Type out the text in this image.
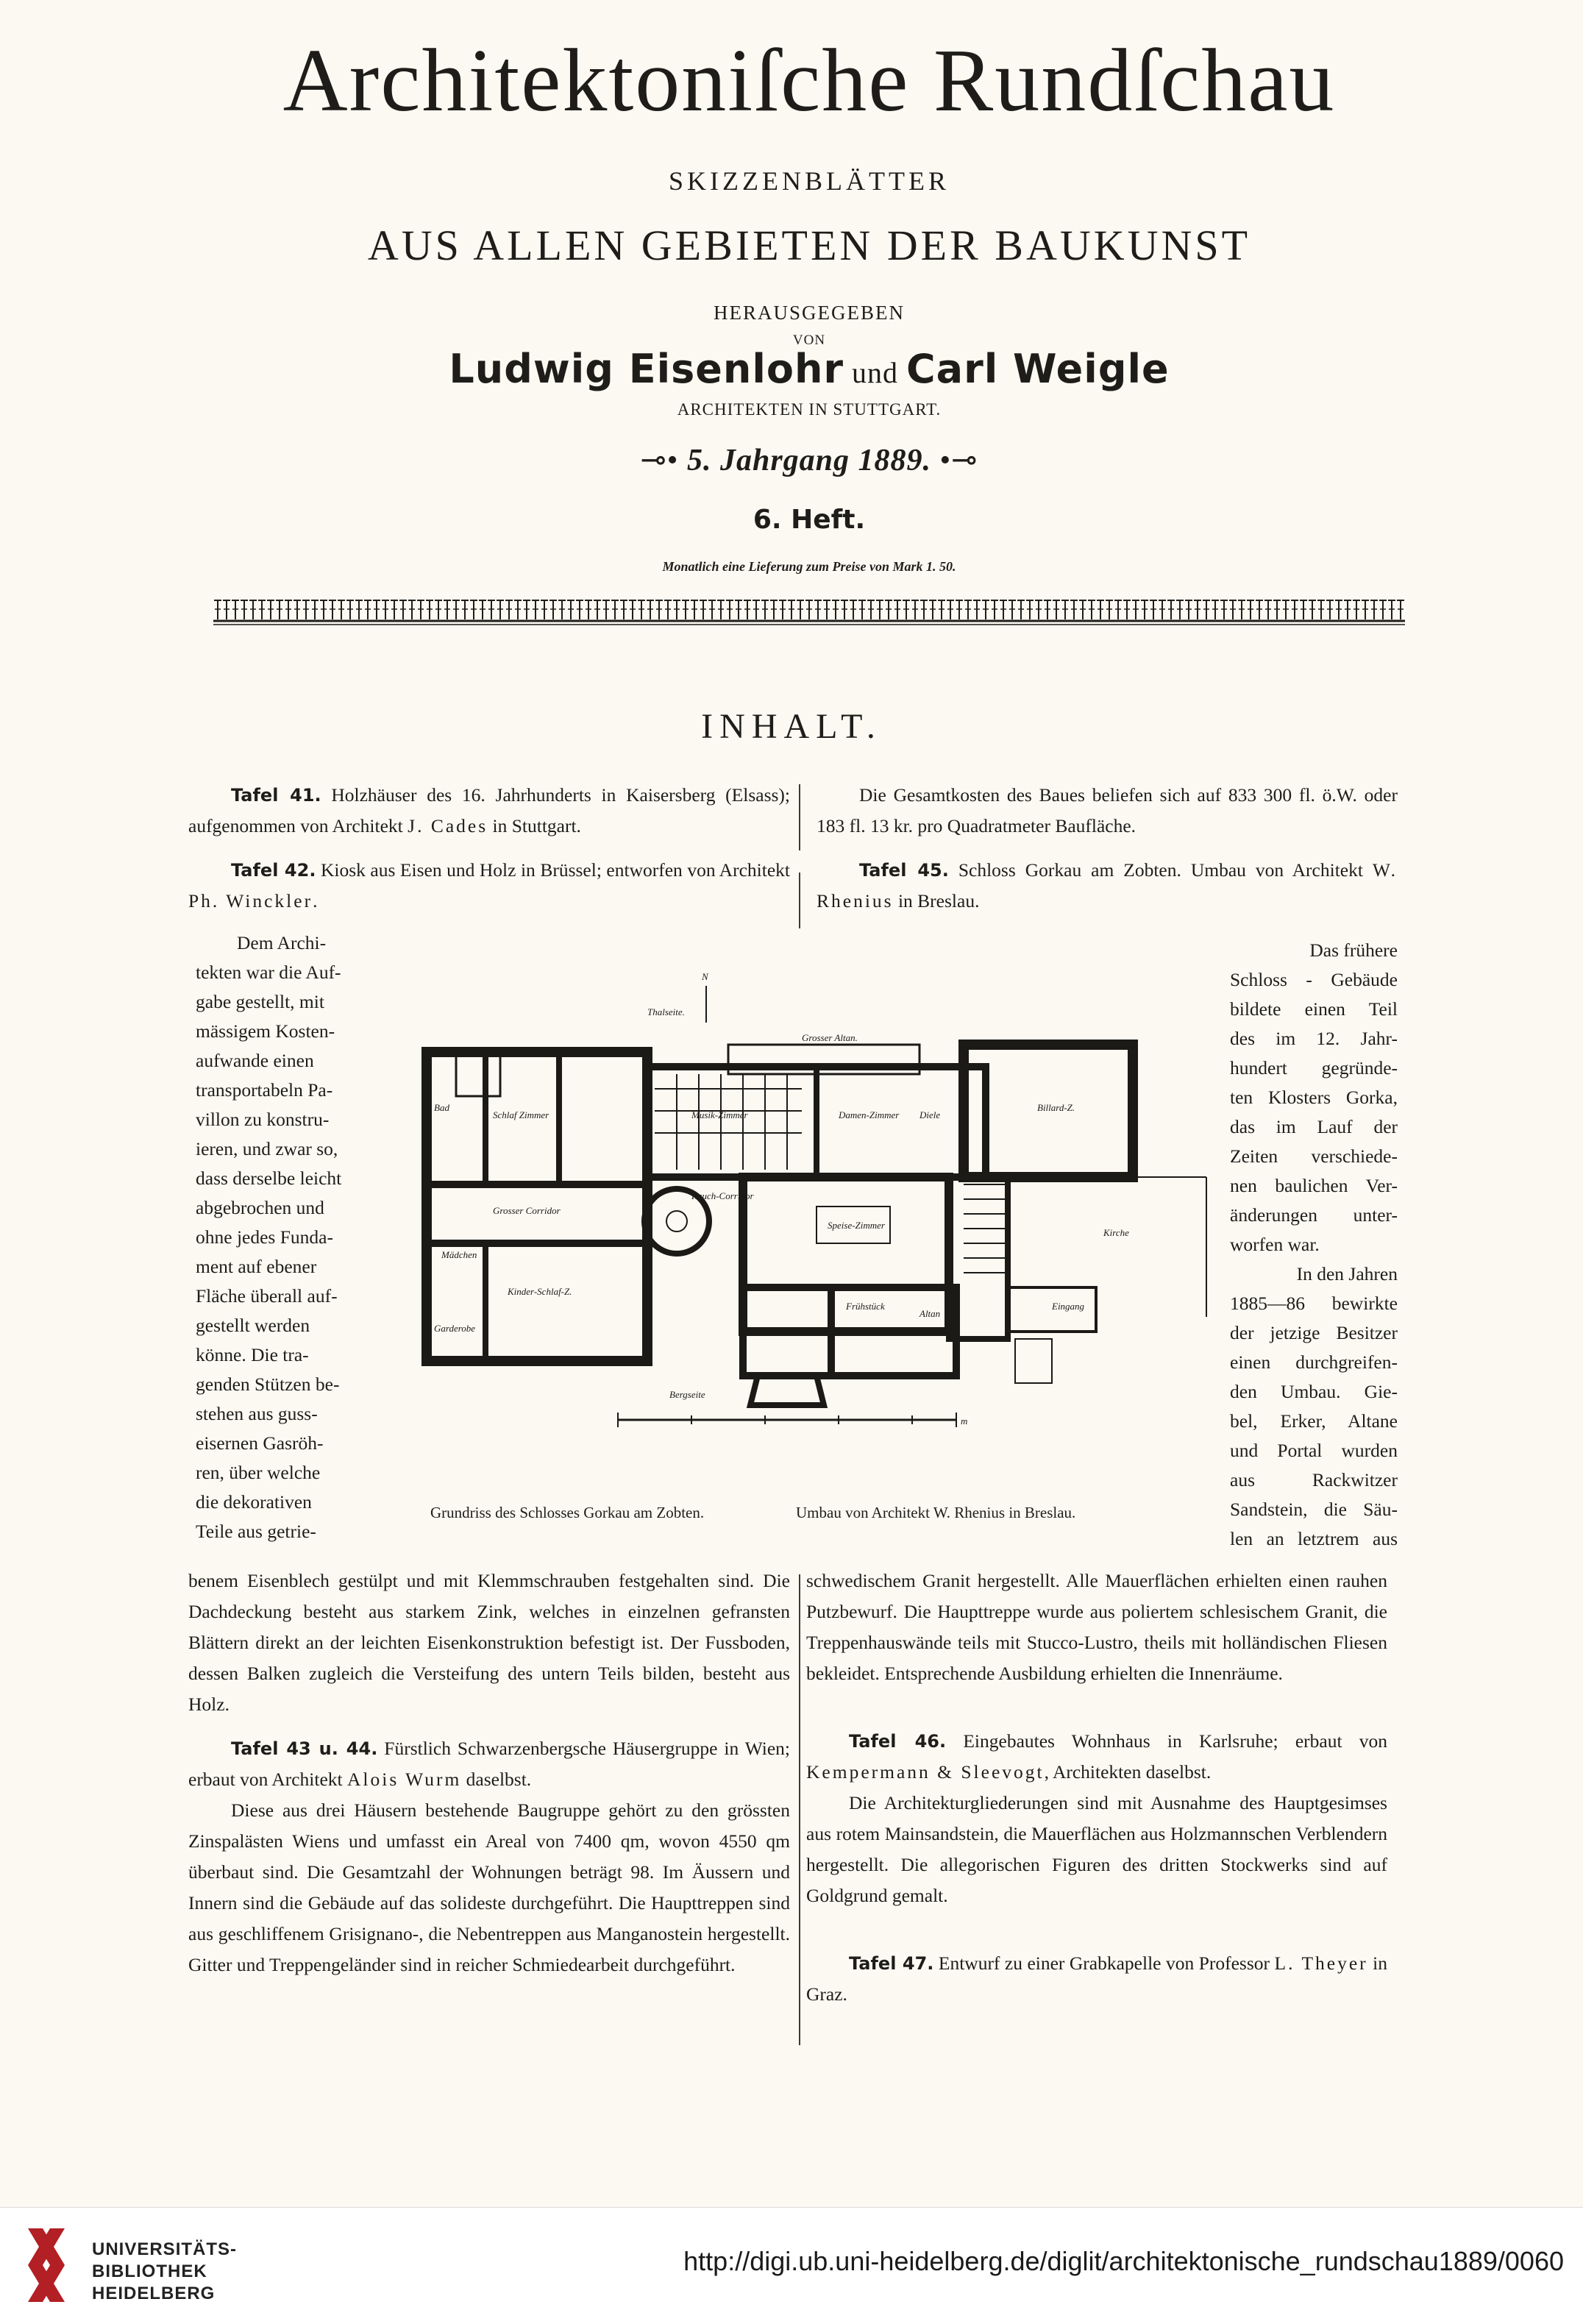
Architektoniſche Rundſchau
SKIZZENBLÄTTER
AUS ALLEN GEBIETEN DER BAUKUNST
HERAUSGEGEBEN
VON
Ludwig Eisenlohr und Carl Weigle
ARCHITEKTEN IN STUTTGART.
⊸• 5. Jahrgang 1889. •⊸
6. Heft.
Monatlich eine Lieferung zum Preise von Mark 1. 50.
INHALT.

Tafel 41. Holzhäuser des 16. Jahrhunderts in Kaisersberg (Elsass); aufgenommen von Architekt J. Cades in Stuttgart.

Tafel 42. Kiosk aus Eisen und Holz in Brüssel; entworfen von Architekt Ph. Winckler.

Dem Archi-
tekten war die Auf-
gabe gestellt, mit
mässigem Kosten-
aufwande einen
transportabeln Pa-
villon zu konstru-
ieren, und zwar so,
dass derselbe leicht
abgebrochen und
ohne jedes Funda-
ment auf ebener
Fläche überall auf-
gestellt werden
könne. Die tra-
genden Stützen be-
stehen aus guss-
eisernen Gasröh-
ren, über welche
die dekorativen
Teile aus getrie-

benem Eisenblech gestülpt und mit Klemmschrauben festgehalten sind. Die Dachdeckung besteht aus starkem Zink, welches in einzelnen gefransten Blättern direkt an der leichten Eisenkonstruktion befestigt ist. Der Fussboden, dessen Balken zugleich die Versteifung des untern Teils bilden, besteht aus Holz.

Tafel 43 u. 44. Fürstlich Schwarzenbergsche Häusergruppe in Wien; erbaut von Architekt Alois Wurm daselbst.

Diese aus drei Häusern bestehende Baugruppe gehört zu den grössten Zinspalästen Wiens und umfasst ein Areal von 7400 qm, wovon 4550 qm überbaut sind. Die Gesamtzahl der Wohnungen beträgt 98. Im Äussern und Innern sind die Gebäude auf das solideste durchgeführt. Die Haupttreppen sind aus geschliffenem Grisignano-, die Nebentreppen aus Manganostein hergestellt. Gitter und Treppengeländer sind in reicher Schmiedearbeit durchgeführt.

Die Gesamtkosten des Baues beliefen sich auf 833 300 fl. ö.W. oder 183 fl. 13 kr. pro Quadratmeter Baufläche.

Tafel 45. Schloss Gorkau am Zobten. Umbau von Architekt W. Rhenius in Breslau.

Das frühere
Schloss - Gebäude
bildete einen Teil
des im 12. Jahr-
hundert gegründe-
ten Klosters Gorka,
das im Lauf der
Zeiten verschiede-
nen baulichen Ver-
änderungen unter-
worfen war.
In den Jahren
1885—86 bewirkte
der jetzige Besitzer
einen durchgreifen-
den Umbau. Gie-
bel, Erker, Altane
und Portal wurden
aus Rackwitzer
Sandstein, die Säu-
len an letztrem aus

schwedischem Granit hergestellt. Alle Mauerflächen erhielten einen rauhen Putzbewurf. Die Haupttreppe wurde aus poliertem schlesischem Granit, die Treppenhauswände teils mit Stucco-Lustro, theils mit holländischen Fliesen bekleidet. Entsprechende Ausbildung erhielten die Innenräume.

Tafel 46. Eingebautes Wohnhaus in Karlsruhe; erbaut von Kempermann & Sleevogt, Architekten daselbst.

Die Architekturgliederungen sind mit Ausnahme des Hauptgesimses aus rotem Mainsandstein, die Mauerflächen aus Holzmannschen Verblendern hergestellt. Die allegorischen Figuren des dritten Stockwerks sind auf Goldgrund gemalt.

Tafel 47. Entwurf zu einer Grabkapelle von Professor L. Theyer in Graz.

Thalseite.
N
Grosser Altan.
Bad
Schlaf Zimmer	Musik-Zimmer	Damen-Zimmer Diele
Billard-Z.
Grosser Corridor
Rauch-Corridor
Speise-Zimmer
Kirche
Kinder-Schlaf-Z.
Mädchen
Garderobe
Frühstück
Altan
Eingang
Bergseite
m
Grundriss des Schlosses Gorkau am Zobten.	Umbau von Architekt W. Rhenius in Breslau.
UNIVERSITÄTS-
BIBLIOTHEK
HEIDELBERG
http://digi.ub.uni-heidelberg.de/diglit/architektonische_rundschau1889/0060
